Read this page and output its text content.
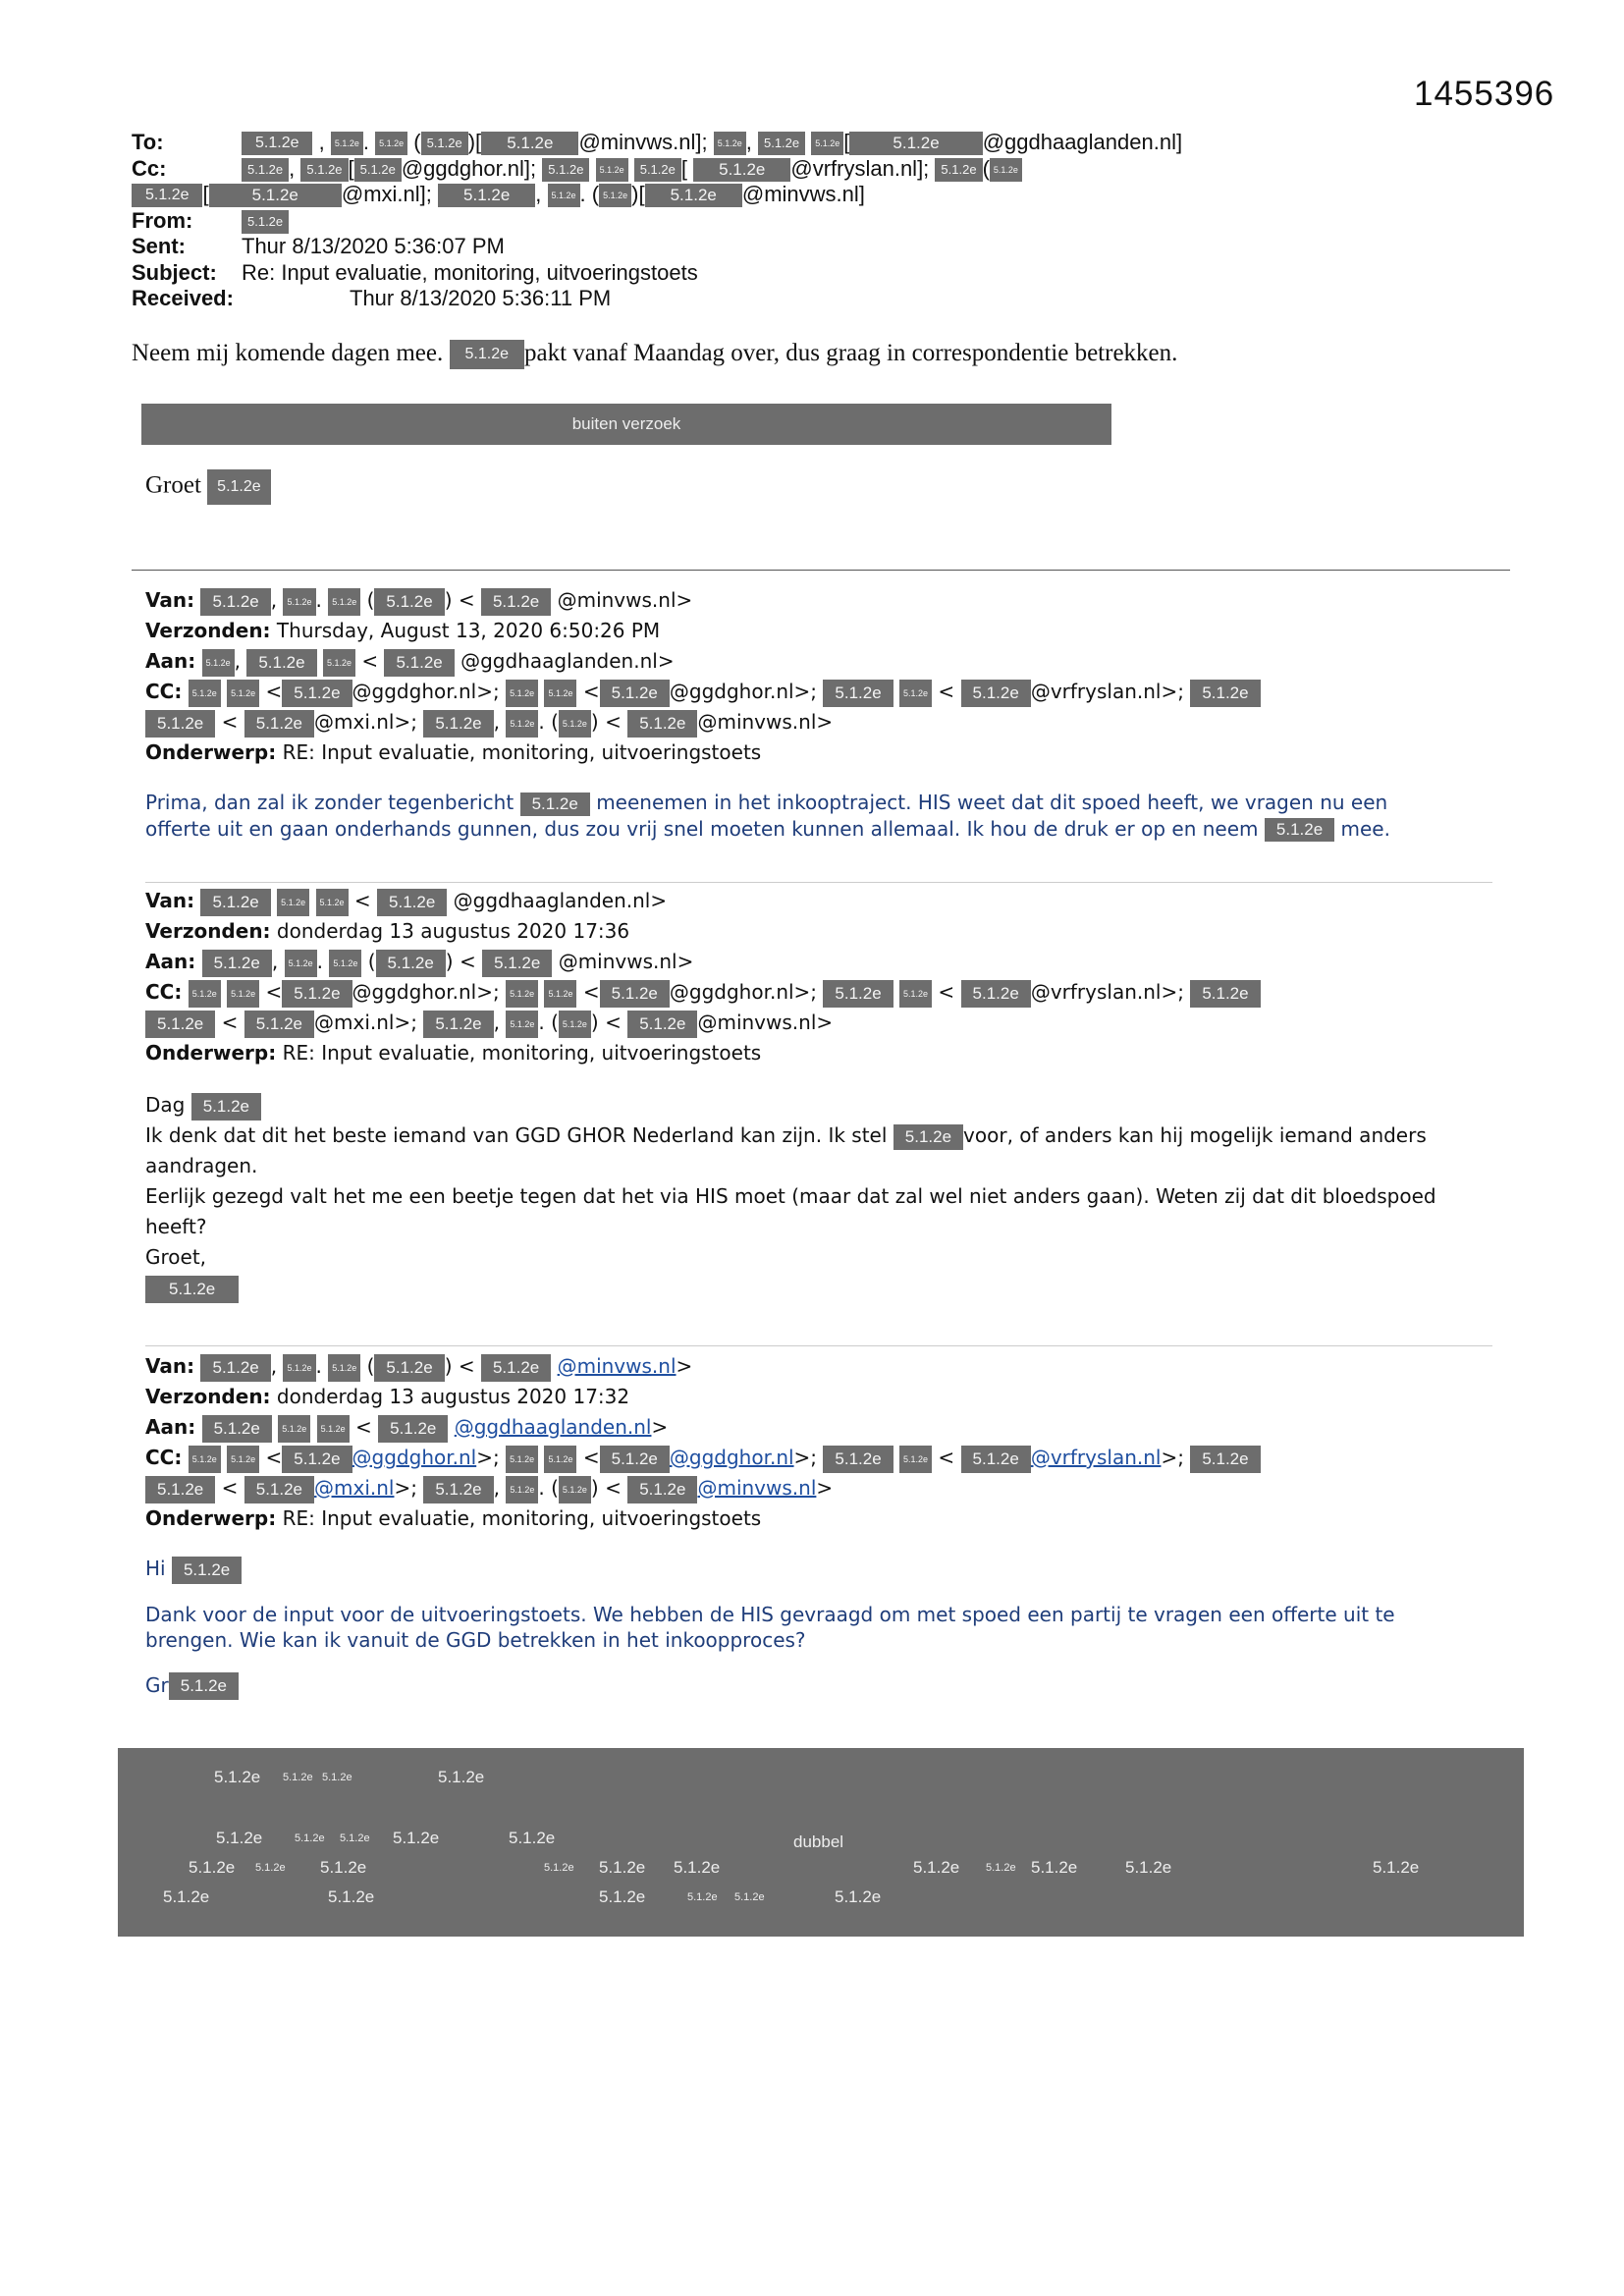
1455396
To:	5.1.2e , 5.1.2e . 5.1.2e ( 5.1.2e )[ 5.1.2e @minvws.nl]; 5.1.2e , 5.1.2e 5.1.2e [	5.1.2e @ggdhaaglanden.nl]
Cc:	5.1.2e , 5.1.2e [ 5.1.2e @ggdghor.nl]; 5.1.2e 5.1.2e 5.1.2e [ 5.1.2e @vrfryslan.nl]; 5.1.2e ( 5.1.2e
5.1.2e [	5.1.2e @mxi.nl]; 5.1.2e , 5.1.2e . ( 5.1.2e )[ 5.1.2e @minvws.nl]
From:	5.1.2e
Sent:	Thur 8/13/2020 5:36:07 PM
Subject: Re: Input evaluatie, monitoring, uitvoeringstoets
Received:	Thur 8/13/2020 5:36:11 PM
Neem mij komende dagen mee. 5.1.2e pakt vanaf Maandag over, dus graag in correspondentie betrekken.
buiten verzoek
Groet 5.1.2e
Van: 5.1.2e , 5.1.2e . 5.1.2e ( 5.1.2e ) < 5.1.2e @minvws.nl>
Verzonden: Thursday, August 13, 2020 6:50:26 PM
Aan: 5.1.2e , 5.1.2e 5.1.2e < 5.1.2e @ggdhaaglanden.nl>
CC: 5.1.2e 5.1.2e < 5.1.2e @ggdghor.nl>; 5.1.2e 5.1.2e < 5.1.2e @ggdghor.nl>; 5.1.2e 5.1.2e < 5.1.2e @vrfryslan.nl>; 5.1.2e
5.1.2e < 5.1.2e @mxi.nl>; 5.1.2e , 5.1.2e . ( 5.1.2e ) < 5.1.2e @minvws.nl>
Onderwerp: RE: Input evaluatie, monitoring, uitvoeringstoets
Prima, dan zal ik zonder tegenbericht 5.1.2e meenemen in het inkooptraject. HIS weet dat dit spoed heeft, we vragen nu een
offerte uit en gaan onderhands gunnen, dus zou vrij snel moeten kunnen allemaal. Ik hou de druk er op en neem 5.1.2e mee.
Van: 5.1.2e 5.1.2e 5.1.2e < 5.1.2e @ggdhaaglanden.nl>
Verzonden: donderdag 13 augustus 2020 17:36
Aan: 5.1.2e , 5.1.2e . 5.1.2e ( 5.1.2e ) < 5.1.2e @minvws.nl>
CC: 5.1.2e 5.1.2e < 5.1.2e @ggdghor.nl>; 5.1.2e 5.1.2e < 5.1.2e @ggdghor.nl>; 5.1.2e 5.1.2e < 5.1.2e @vrfryslan.nl>; 5.1.2e
5.1.2e < 5.1.2e @mxi.nl>; 5.1.2e , 5.1.2e . ( 5.1.2e ) < 5.1.2e @minvws.nl>
Onderwerp: RE: Input evaluatie, monitoring, uitvoeringstoets
Dag 5.1.2e
Ik denk dat dit het beste iemand van GGD GHOR Nederland kan zijn. Ik stel 5.1.2e voor, of anders kan hij mogelijk iemand anders
aandragen.
Eerlijk gezegd valt het me een beetje tegen dat het via HIS moet (maar dat zal wel niet anders gaan). Weten zij dat dit bloedspoed
heeft?
Groet,
5.1.2e
Van: 5.1.2e , 5.1.2e . 5.1.2e ( 5.1.2e ) < 5.1.2e @minvws.nl>
Verzonden: donderdag 13 augustus 2020 17:32
Aan: 5.1.2e 5.1.2e 5.1.2e < 5.1.2e @ggdhaaglanden.nl>
CC: 5.1.2e 5.1.2e < 5.1.2e @ggdghor.nl>; 5.1.2e 5.1.2e < 5.1.2e @ggdghor.nl>; 5.1.2e 5.1.2e < 5.1.2e @vrfryslan.nl>; 5.1.2e
5.1.2e < 5.1.2e @mxi.nl>; 5.1.2e , 5.1.2e . ( 5.1.2e ) < 5.1.2e @minvws.nl>
Onderwerp: RE: Input evaluatie, monitoring, uitvoeringstoets
Hi 5.1.2e
Dank voor de input voor de uitvoeringstoets. We hebben de HIS gevraagd om met spoed een partij te vragen een offerte uit te
brengen. Wie kan ik vanuit de GGD betrekken in het inkoopproces?
Gr 5.1.2e
5.1.2e 5.1.2e 5.1.2e	5.1.2e
5.1.2e	5.1.2e 5.1.2e 5.1.2e	5.1.2e	dubbel
5.1.2e 5.1.2e 5.1.2e	5.1.2e 5.1.2e 5.1.2e	5.1.2e 5.1.2e 5.1.2e	5.1.2e	5.1.2e
5.1.2e	5.1.2e	5.1.2e	5.1.2e 5.1.2e	5.1.2e
